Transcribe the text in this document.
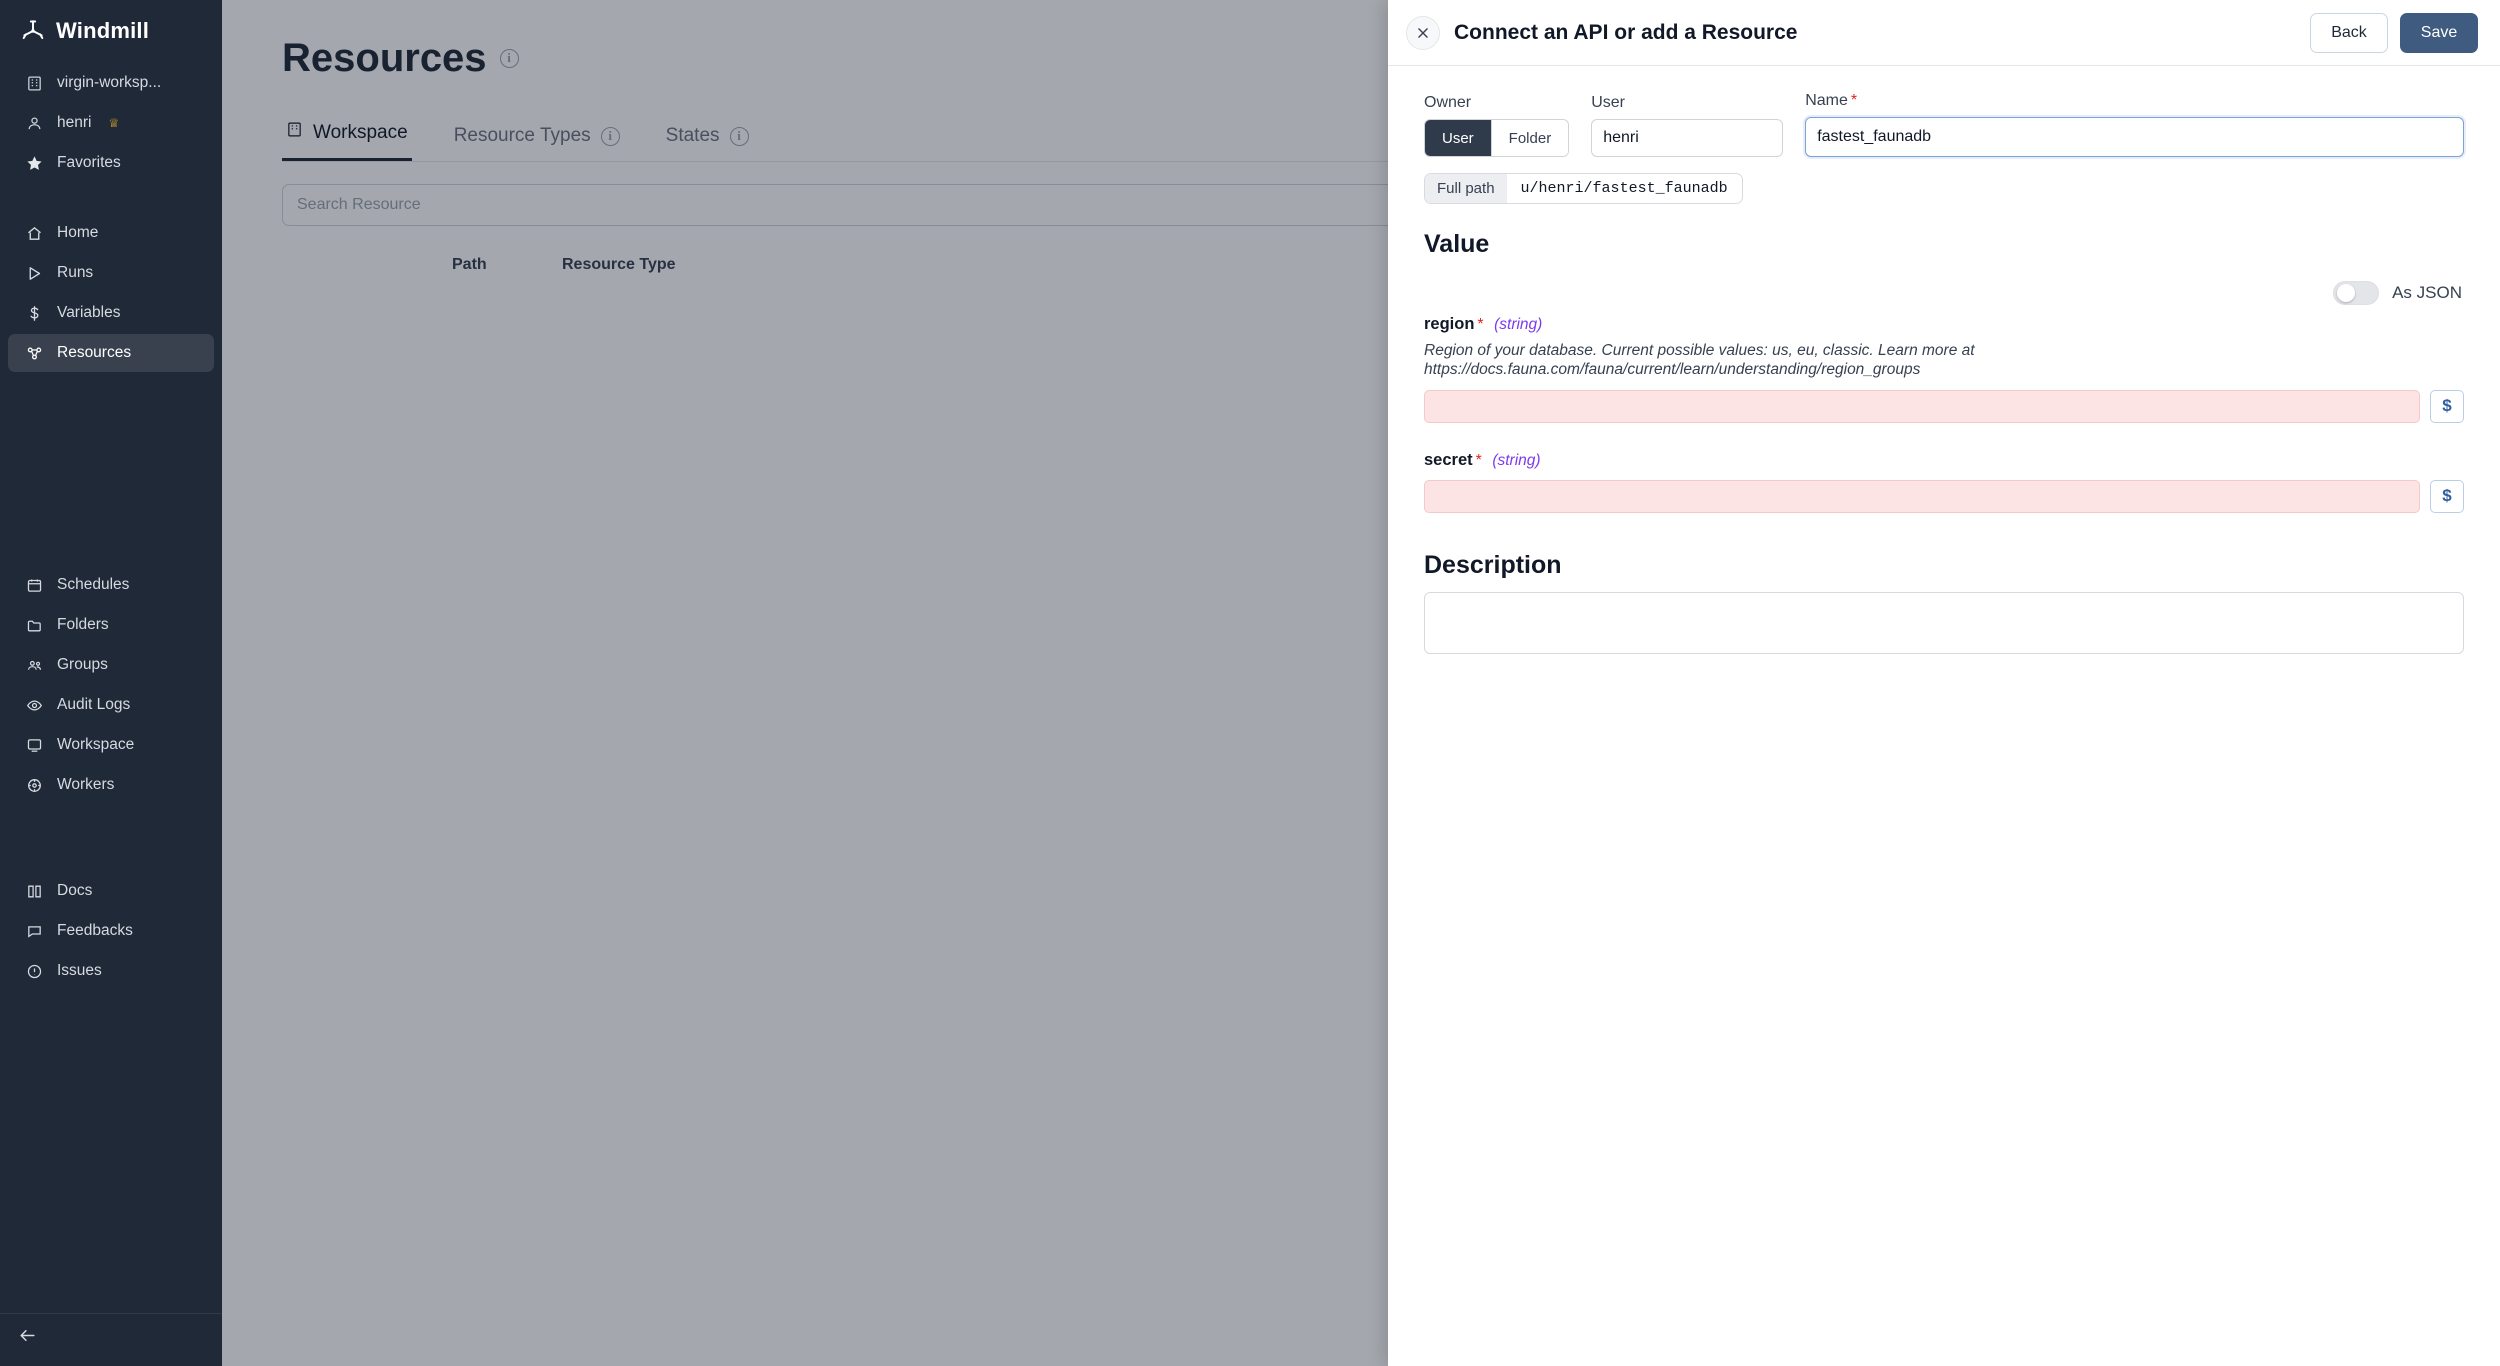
Windmill
virgin-worksp...
henri ♕
Favorites
Home
Runs
Variables
Resources
Schedules
Folders
Groups
Audit Logs
Workspace
Workers
Docs
Feedbacks
Issues
Resources	i
Workspace Resource Types	i	States	i
Search Resource
Path	Resource Type
Connect an API or add a Resource	Back	Save
Owner
User	Folder
User
henri	Name *
fastest_faunadb
Full path	u/henri/fastest_faunadb
Value
As JSON
region * (string)
Region of your database. Current possible values: us, eu, classic. Learn more at https://docs.fauna.com/fauna/current/learn/understanding/region_groups
$
secret * (string)
$
Description
